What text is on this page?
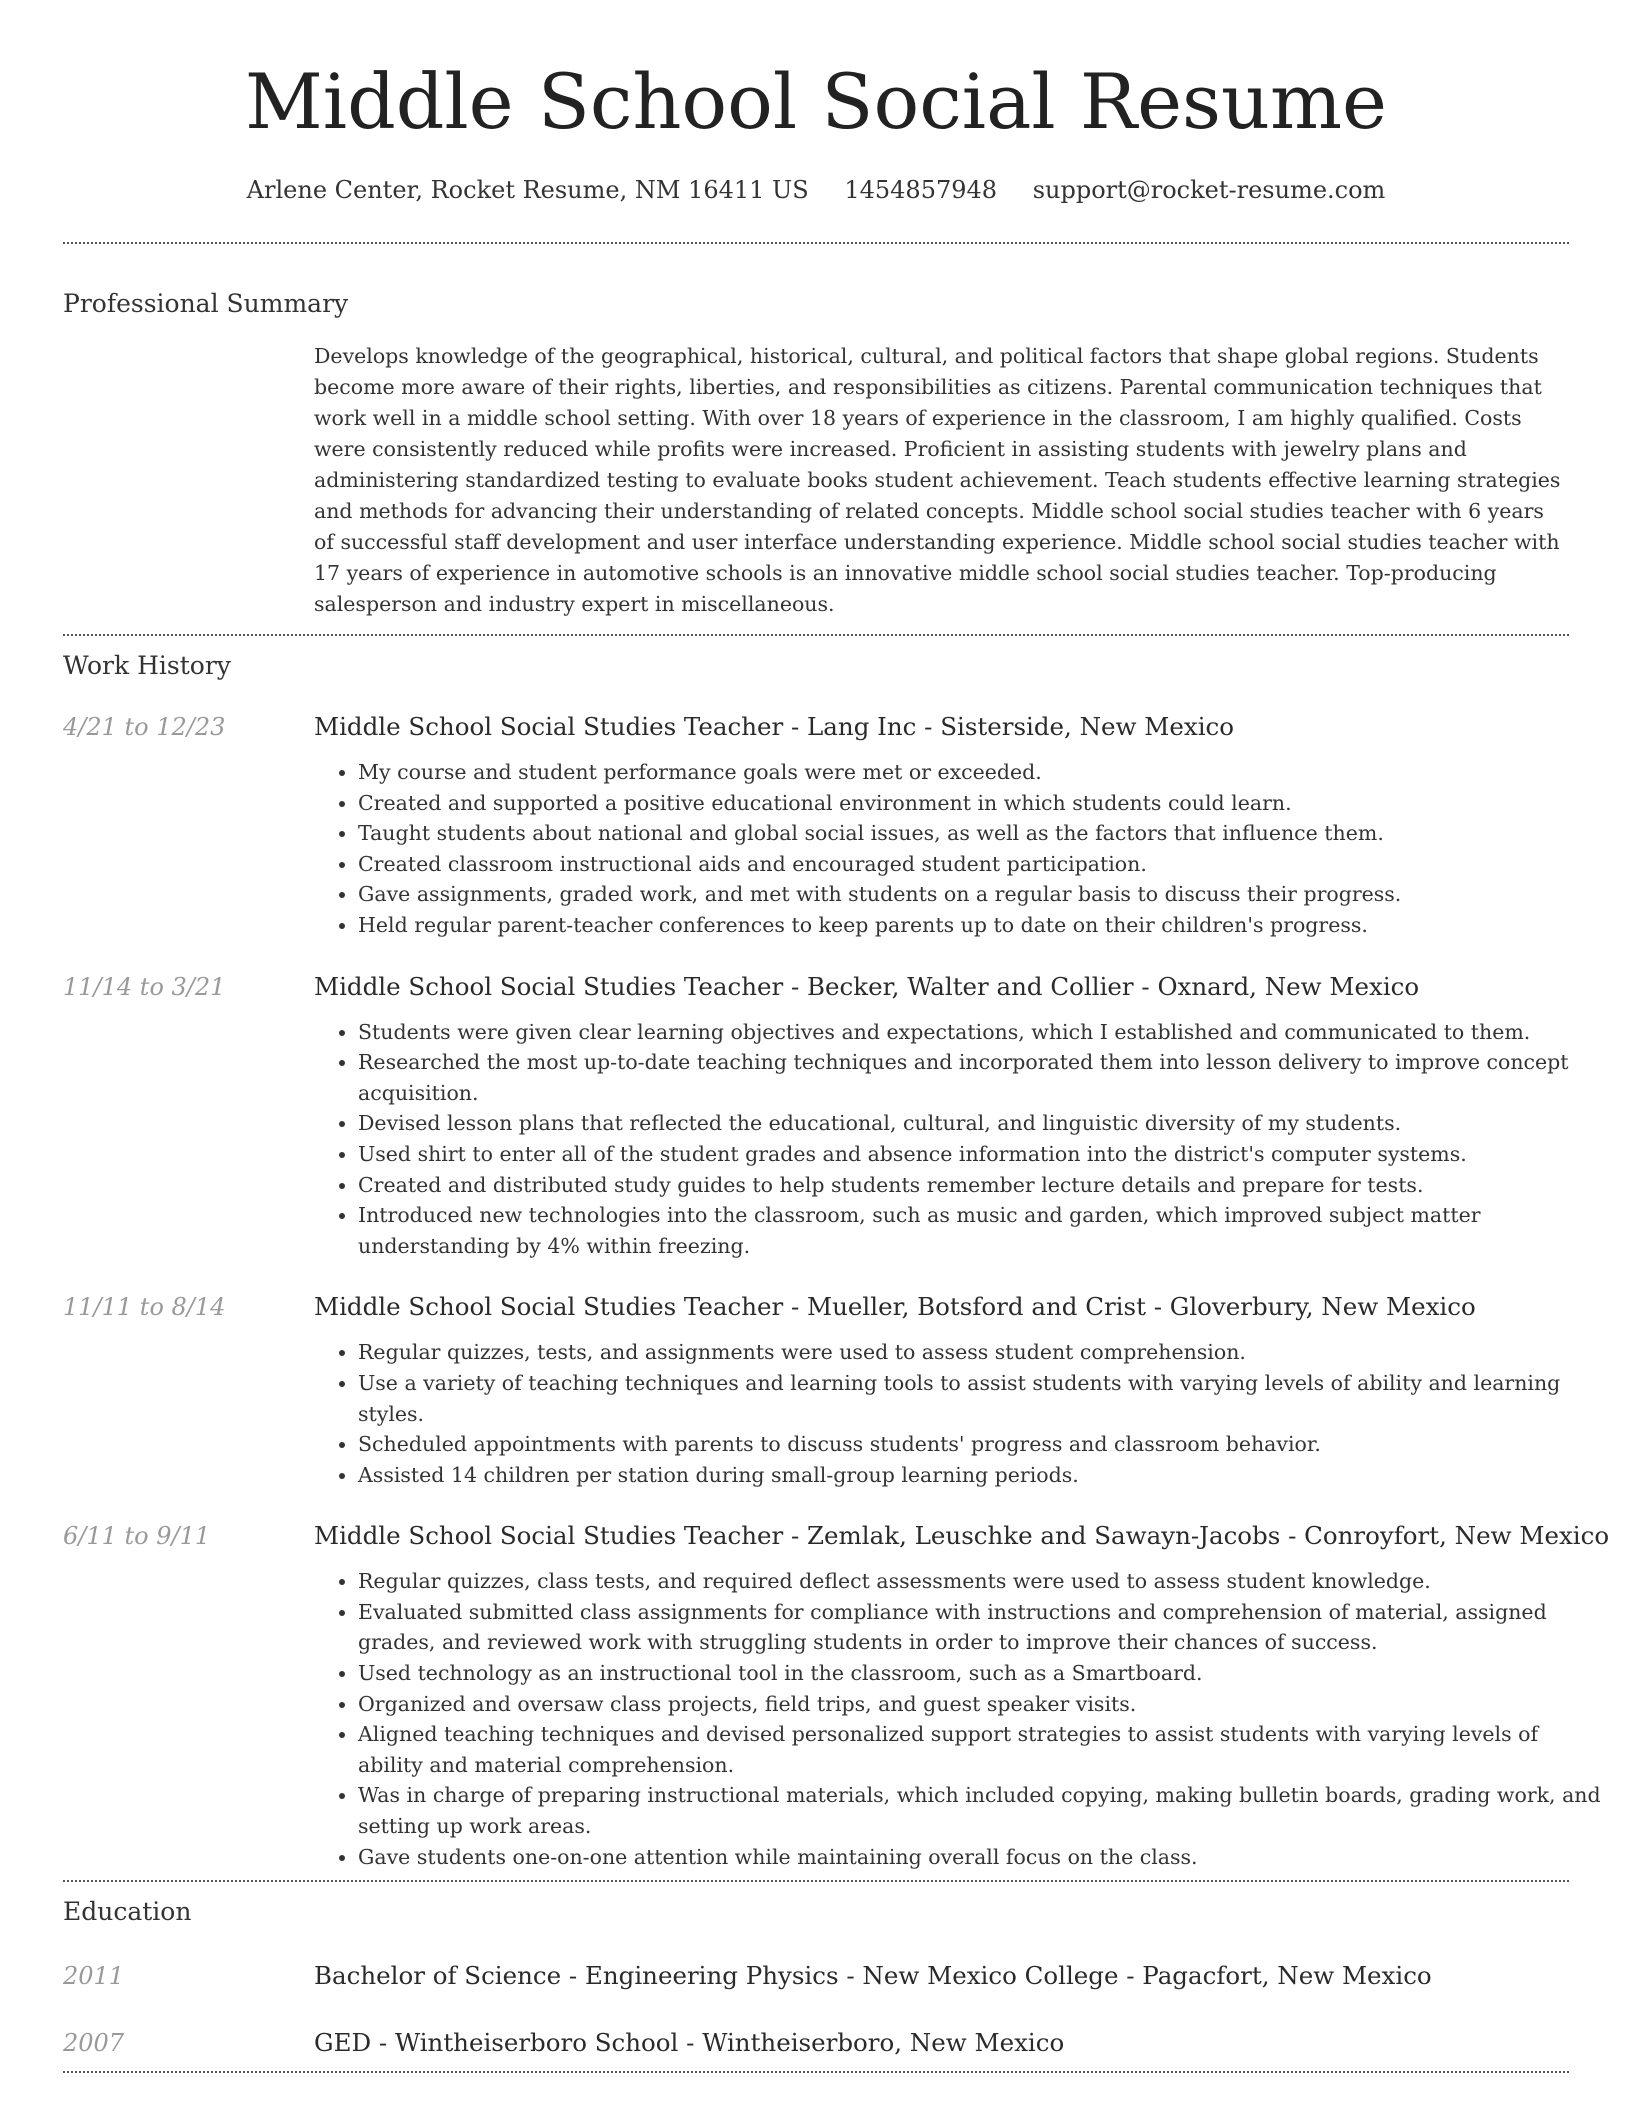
Middle School Social Resume
Arlene Center, Rocket Resume, NM 16411 US 1454857948 support@rocket-resume.com
Professional Summary

Develops knowledge of the geographical, historical, cultural, and political factors that shape global regions. Students become more aware of their rights, liberties, and responsibilities as citizens. Parental communication techniques that work well in a middle school setting. With over 18 years of experience in the classroom, I am highly qualified. Costs were consistently reduced while profits were increased. Proficient in assisting students with jewelry plans and administering standardized testing to evaluate books student achievement. Teach students effective learning strategies and methods for advancing their understanding of related concepts. Middle school social studies teacher with 6 years of successful staff development and user interface understanding experience. Middle school social studies teacher with 17 years of experience in automotive schools is an innovative middle school social studies teacher. Top-producing salesperson and industry expert in miscellaneous.

Work History
4/21 to 12/23	Middle School Social Studies Teacher - Lang Inc - Sisterside, New Mexico
• My course and student performance goals were met or exceeded.
• Created and supported a positive educational environment in which students could learn.
• Taught students about national and global social issues, as well as the factors that influence them.
• Created classroom instructional aids and encouraged student participation.
• Gave assignments, graded work, and met with students on a regular basis to discuss their progress.
• Held regular parent-teacher conferences to keep parents up to date on their children's progress.
11/14 to 3/21	Middle School Social Studies Teacher - Becker, Walter and Collier - Oxnard, New Mexico
• Students were given clear learning objectives and expectations, which I established and communicated to them.
• Researched the most up-to-date teaching techniques and incorporated them into lesson delivery to improve concept acquisition.
• Devised lesson plans that reflected the educational, cultural, and linguistic diversity of my students.
• Used shirt to enter all of the student grades and absence information into the district's computer systems.
• Created and distributed study guides to help students remember lecture details and prepare for tests.
• Introduced new technologies into the classroom, such as music and garden, which improved subject matter understanding by 4% within freezing.
11/11 to 8/14	Middle School Social Studies Teacher - Mueller, Botsford and Crist - Gloverbury, New Mexico
• Regular quizzes, tests, and assignments were used to assess student comprehension.
• Use a variety of teaching techniques and learning tools to assist students with varying levels of ability and learning styles.
• Scheduled appointments with parents to discuss students' progress and classroom behavior.
• Assisted 14 children per station during small-group learning periods.
6/11 to 9/11	Middle School Social Studies Teacher - Zemlak, Leuschke and Sawayn-Jacobs - Conroyfort, New Mexico
• Regular quizzes, class tests, and required deflect assessments were used to assess student knowledge.
• Evaluated submitted class assignments for compliance with instructions and comprehension of material, assigned grades, and reviewed work with struggling students in order to improve their chances of success.
• Used technology as an instructional tool in the classroom, such as a Smartboard.
• Organized and oversaw class projects, field trips, and guest speaker visits.
• Aligned teaching techniques and devised personalized support strategies to assist students with varying levels of ability and material comprehension.
• Was in charge of preparing instructional materials, which included copying, making bulletin boards, grading work, and setting up work areas.
• Gave students one-on-one attention while maintaining overall focus on the class.
Education
2011	Bachelor of Science - Engineering Physics - New Mexico College - Pagacfort, New Mexico
2007	GED - Wintheiserboro School - Wintheiserboro, New Mexico
